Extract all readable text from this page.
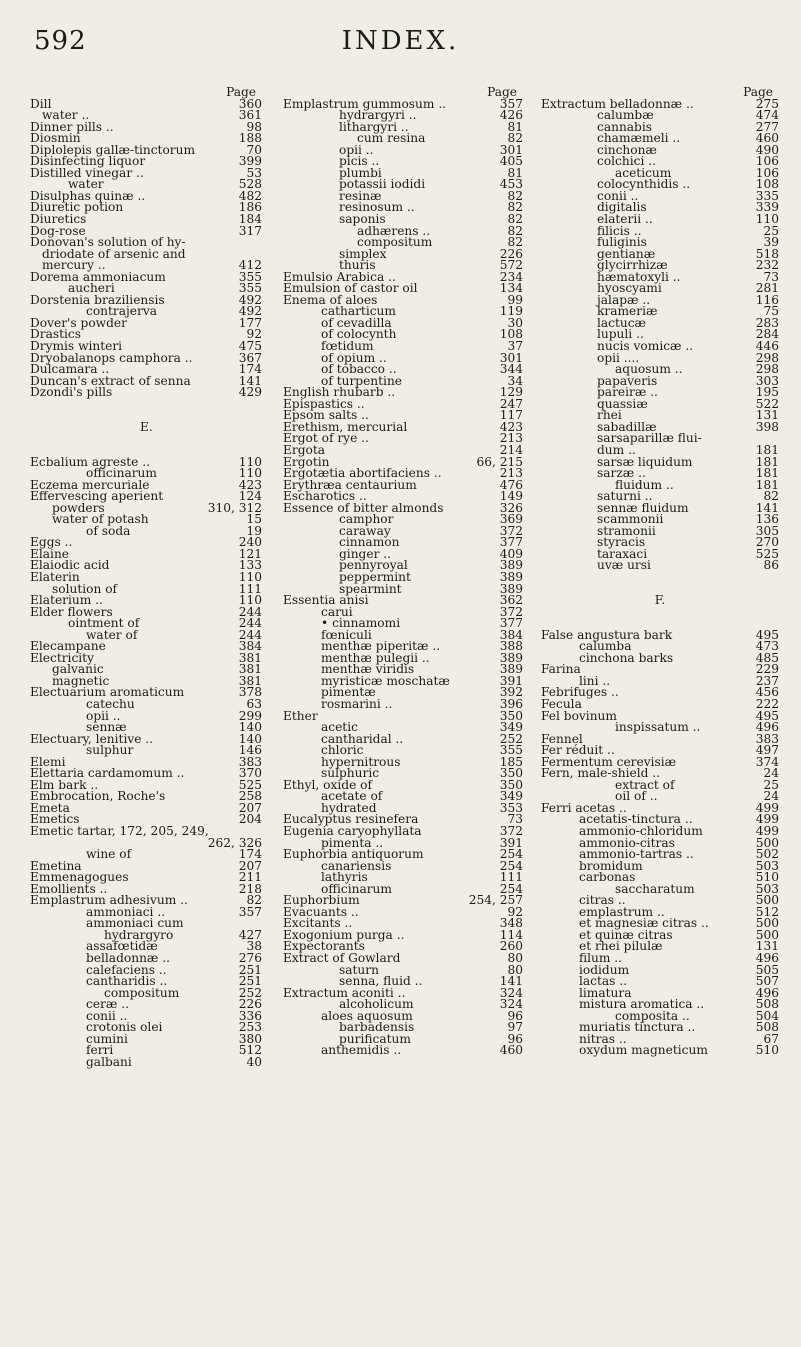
592	INDEX.
Page
Dill	360
water ..	361
Dinner pills ..	98
Diosmin	188
Diplolepis gallæ-tinctorum	70
Disinfecting liquor	399
Distilled vinegar ..	53
water	528
Disulphas quinæ ..	482
Diuretic potion	186
Diuretics	184
Dog-rose	317
Donovan's solution of hy-
driodate of arsenic and
mercury ..	412
Dorema ammoniacum	355
aucheri	355
Dorstenia braziliensis	492
contrajerva	492
Dover's powder	177
Drastics	92
Drymis winteri	475
Dryobalanops camphora ..	367
Dulcamara ..	174
Duncan's extract of senna	141
Dzondi's pills	429
E.
Ecbalium agreste ..	110
officinarum	110
Eczema mercuriale	423
Effervescing aperient	124
powders	310, 312
water of potash	15
of soda	19
Eggs ..	240
Elaine	121
Elaiodic acid	133
Elaterin	110
solution of	111
Elaterium ..	110
Elder flowers	244
ointment of	244
water of	244
Elecampane	384
Electricity	381
galvanic	381
magnetic	381
Electuarium aromaticum	378
catechu	63
opii ..	299
sennæ	140
Electuary, lenitive ..	140
sulphur	146
Elemi	383
Elettaria cardamomum ..	370
Elm bark ..	525
Embrocation, Roche's	258
Emeta	207
Emetics	204
Emetic tartar, 172, 205, 249,
262, 326
wine of	174
Emetina	207
Emmenagogues	211
Emollients ..	218
Emplastrum adhesivum ..	82
ammoniaci ..	357
ammoniaci cum
hydrargyro	427
assafœtidæ	38
belladonnæ ..	276
calefaciens ..	251
cantharidis ..	251
compositum	252
ceræ ..	226
conii ..	336
crotonis olei	253
cumini	380
ferri	512
galbani	40
Page
Emplastrum gummosum ..	357
hydrargyri ..	426
lithargyri ..	81
cum resina	82
opii ..	301
picis ..	405
plumbi	81
potassii iodidi	453
resinæ	82
resinosum ..	82
saponis	82
adhærens ..	82
compositum	82
simplex	226
thuris	572
Emulsio Arabica ..	234
Emulsion of castor oil	134
Enema of aloes	99
catharticum	119
of cevadilla	30
of colocynth	108
fœtidum	37
of opium ..	301
of tobacco ..	344
of turpentine	34
English rhubarb ..	129
Epispastics ..	247
Epsom salts ..	117
Erethism, mercurial	423
Ergot of rye ..	213
Ergota	214
Ergotin	66, 215
Ergotætia abortifaciens ..	213
Erythræa centaurium	476
Escharotics ..	149
Essence of bitter almonds	326
camphor	369
caraway	372
cinnamon	377
ginger ..	409
pennyroyal	389
peppermint	389
spearmint	389
Essentia anisi	362
carui	372
• cinnamomi	377
fœniculi	384
menthæ piperitæ ..	388
menthæ pulegii ..	389
menthæ viridis	389
myristicæ moschatæ	391
pimentæ	392
rosmarini ..	396
Ether	350
acetic	349
cantharidal ..	252
chloric	355
hypernitrous	185
sulphuric	350
Ethyl, oxide of	350
acetate of	349
hydrated	353
Eucalyptus resinefera	73
Eugenia caryophyllata	372
pimenta ..	391
Euphorbia antiquorum	254
canariensis	254
lathyris	111
officinarum	254
Euphorbium	254, 257
Evacuants ..	92
Excitants ..	348
Exogonium purga ..	114
Expectorants	260
Extract of Gowlard	80
saturn	80
senna, fluid ..	141
Extractum aconiti ..	324
alcoholicum	324
aloes aquosum	96
barbadensis	97
purificatum	96
anthemidis ..	460
Page
Extractum belladonnæ ..	275
calumbæ	474
cannabis	277
chamæmeli ..	460
cinchonæ	490
colchici ..	106
aceticum	106
colocynthidis ..	108
conii ..	335
digitalis	339
elaterii ..	110
filicis ..	25
fuliginis	39
gentianæ	518
glycirrhizæ	232
hæmatoxyli ..	73
hyoscyami	281
jalapæ ..	116
krameriæ	75
lactucæ	283
lupuli ..	284
nucis vomicæ ..	446
opii ....	298
aquosum ..	298
papaveris	303
pareiræ ..	195
quassiæ	522
rhei	131
sabadillæ	398
sarsaparillæ flui-
dum ..	181
sarsæ liquidum	181
sarzæ ..	181
fluidum ..	181
saturni ..	82
sennæ fluidum	141
scammonii	136
stramonii	305
styracis	270
taraxaci	525
uvæ ursi	86
F.
False angustura bark	495
calumba	473
cinchona barks	485
Farina	229
lini ..	237
Febrifuges ..	456
Fecula	222
Fel bovinum	495
inspissatum ..	496
Fennel	383
Fer réduit ..	497
Fermentum cerevisiæ	374
Fern, male-shield ..	24
extract of	25
oil of ..	24
Ferri acetas ..	499
acetatis-tinctura ..	499
ammonio-chloridum	499
ammonio-citras	500
ammonio-tartras ..	502
bromidum	503
carbonas	510
saccharatum	503
citras ..	500
emplastrum ..	512
et magnesiæ citras ..	500
et quinæ citras	500
et rhei pilulæ	131
filum ..	496
iodidum	505
lactas ..	507
limatura	496
mistura aromatica ..	508
composita ..	504
muriatis tinctura ..	508
nitras ..	67
oxydum magneticum	510
